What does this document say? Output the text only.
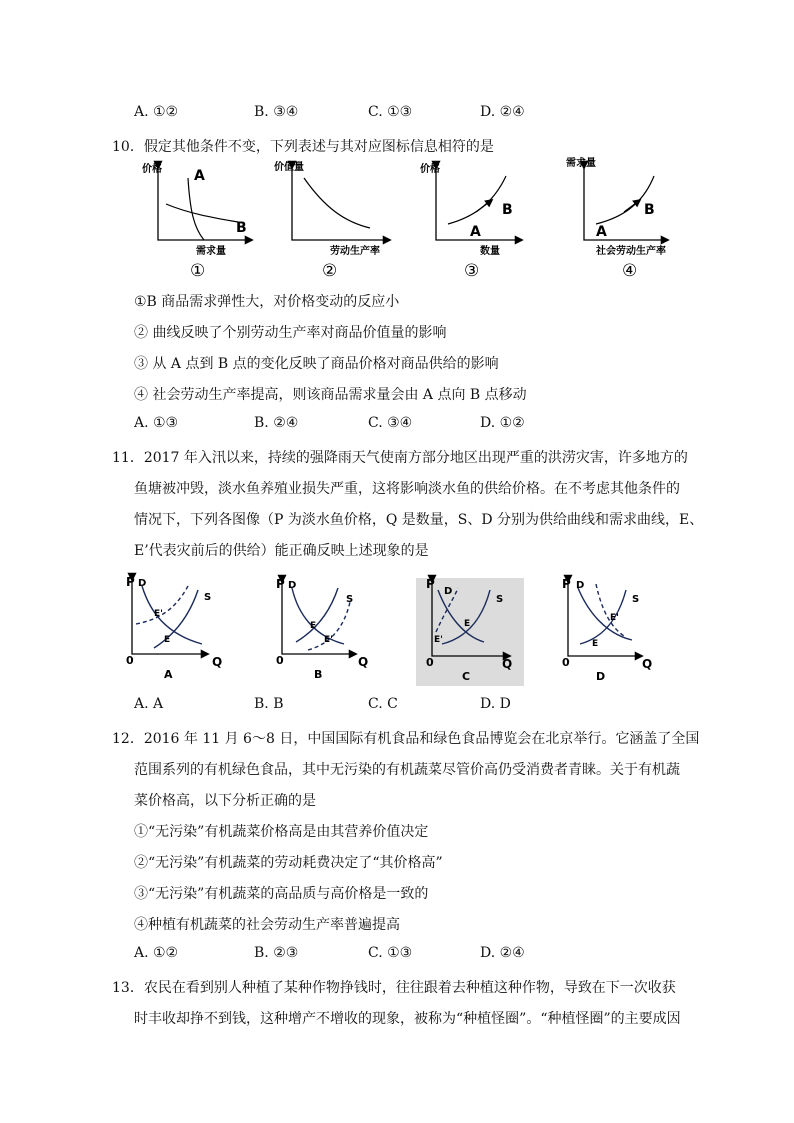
A. ①②	B. ③④	C. ①③	D. ②④
10．假定其他条件不变，下列表述与其对应图标信息相符的是
价格
需求量
A
B
①
价值量
劳动生产率
②
价格
数量
A
B
③
需求量
社会劳动生产率
A
B
④
①B 商品需求弹性大，对价格变动的反应小
② 曲线反映了个别劳动生产率对商品价值量的影响
③ 从 A 点到 B 点的变化反映了商品价格对商品供给的影响
④ 社会劳动生产率提高，则该商品需求量会由 A 点向 B 点移动
A. ①③	B. ②④	C. ③④	D. ①②
11．2017 年入汛以来，持续的强降雨天气使南方部分地区出现严重的洪涝灾害，许多地方的
鱼塘被冲毁，淡水鱼养殖业损失严重，这将影响淡水鱼的供给价格。在不考虑其他条件的
情况下，下列各图像（P 为淡水鱼价格，Q 是数量，S、D 分别为供给曲线和需求曲线，E、
E’代表灾前后的供给）能正确反映上述现象的是
P D
S
E'
E
0	Q
A
P D
S
E
E'
0	Q
B
P
D
S
E
E'
0	Q
C
P D
S
E'
E
0	Q
D
A. A	B. B	C. C	D. D
12．2016 年 11 月 6～8 日，中国国际有机食品和绿色食品博览会在北京举行。它涵盖了全国
范围系列的有机绿色食品，其中无污染的有机蔬菜尽管价高仍受消费者青睐。关于有机蔬
菜价格高，以下分析正确的是
①“无污染”有机蔬菜价格高是由其营养价值决定
②“无污染”有机蔬菜的劳动耗费决定了“其价格高”
③“无污染”有机蔬菜的高品质与高价格是一致的
④种植有机蔬菜的社会劳动生产率普遍提高
A. ①②	B. ②③	C. ①③	D. ②④
13．农民在看到别人种植了某种作物挣钱时，往往跟着去种植这种作物，导致在下一次收获
时丰收却挣不到钱，这种增产不增收的现象，被称为“种植怪圈”。“种植怪圈”的主要成因
